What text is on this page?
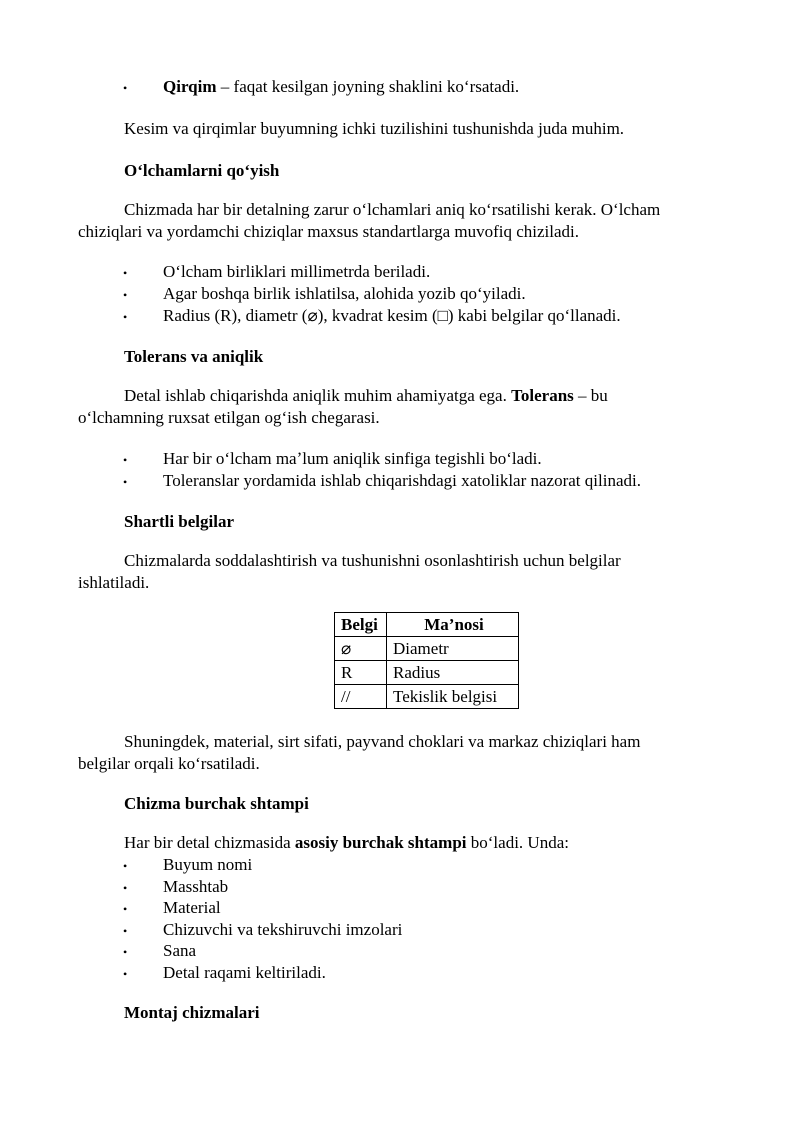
• Qirqim – faqat kesilgan joyning shaklini koʻrsatadi.
Kesim va qirqimlar buyumning ichki tuzilishini tushunishda juda muhim.
Oʻlchamlarni qoʻyish
Chizmada har bir detalning zarur oʻlchamlari aniq koʻrsatilishi kerak. Oʻlcham
chiziqlari va yordamchi chiziqlar maxsus standartlarga muvofiq chiziladi.
• Oʻlcham birliklari millimetrda beriladi.
• Agar boshqa birlik ishlatilsa, alohida yozib qoʻyiladi.
• Radius (R), diametr (⌀), kvadrat kesim (□) kabi belgilar qoʻllanadi.
Tolerans va aniqlik
Detal ishlab chiqarishda aniqlik muhim ahamiyatga ega. Tolerans – bu
oʻlchamning ruxsat etilgan ogʻish chegarasi.
• Har bir oʻlcham maʼlum aniqlik sinfiga tegishli boʻladi.
• Toleranslar yordamida ishlab chiqarishdagi xatoliklar nazorat qilinadi.
Shartli belgilar
Chizmalarda soddalashtirish va tushunishni osonlashtirish uchun belgilar
ishlatiladi.
Belgi	Ma’nosi
⌀	Diametr
R	Radius
//	Tekislik belgisi
Shuningdek, material, sirt sifati, payvand choklari va markaz chiziqlari ham
belgilar orqali koʻrsatiladi.
Chizma burchak shtampi
Har bir detal chizmasida asosiy burchak shtampi boʻladi. Unda:
• Buyum nomi
• Masshtab
• Material
• Chizuvchi va tekshiruvchi imzolari
• Sana
• Detal raqami keltiriladi.
Montaj chizmalari
